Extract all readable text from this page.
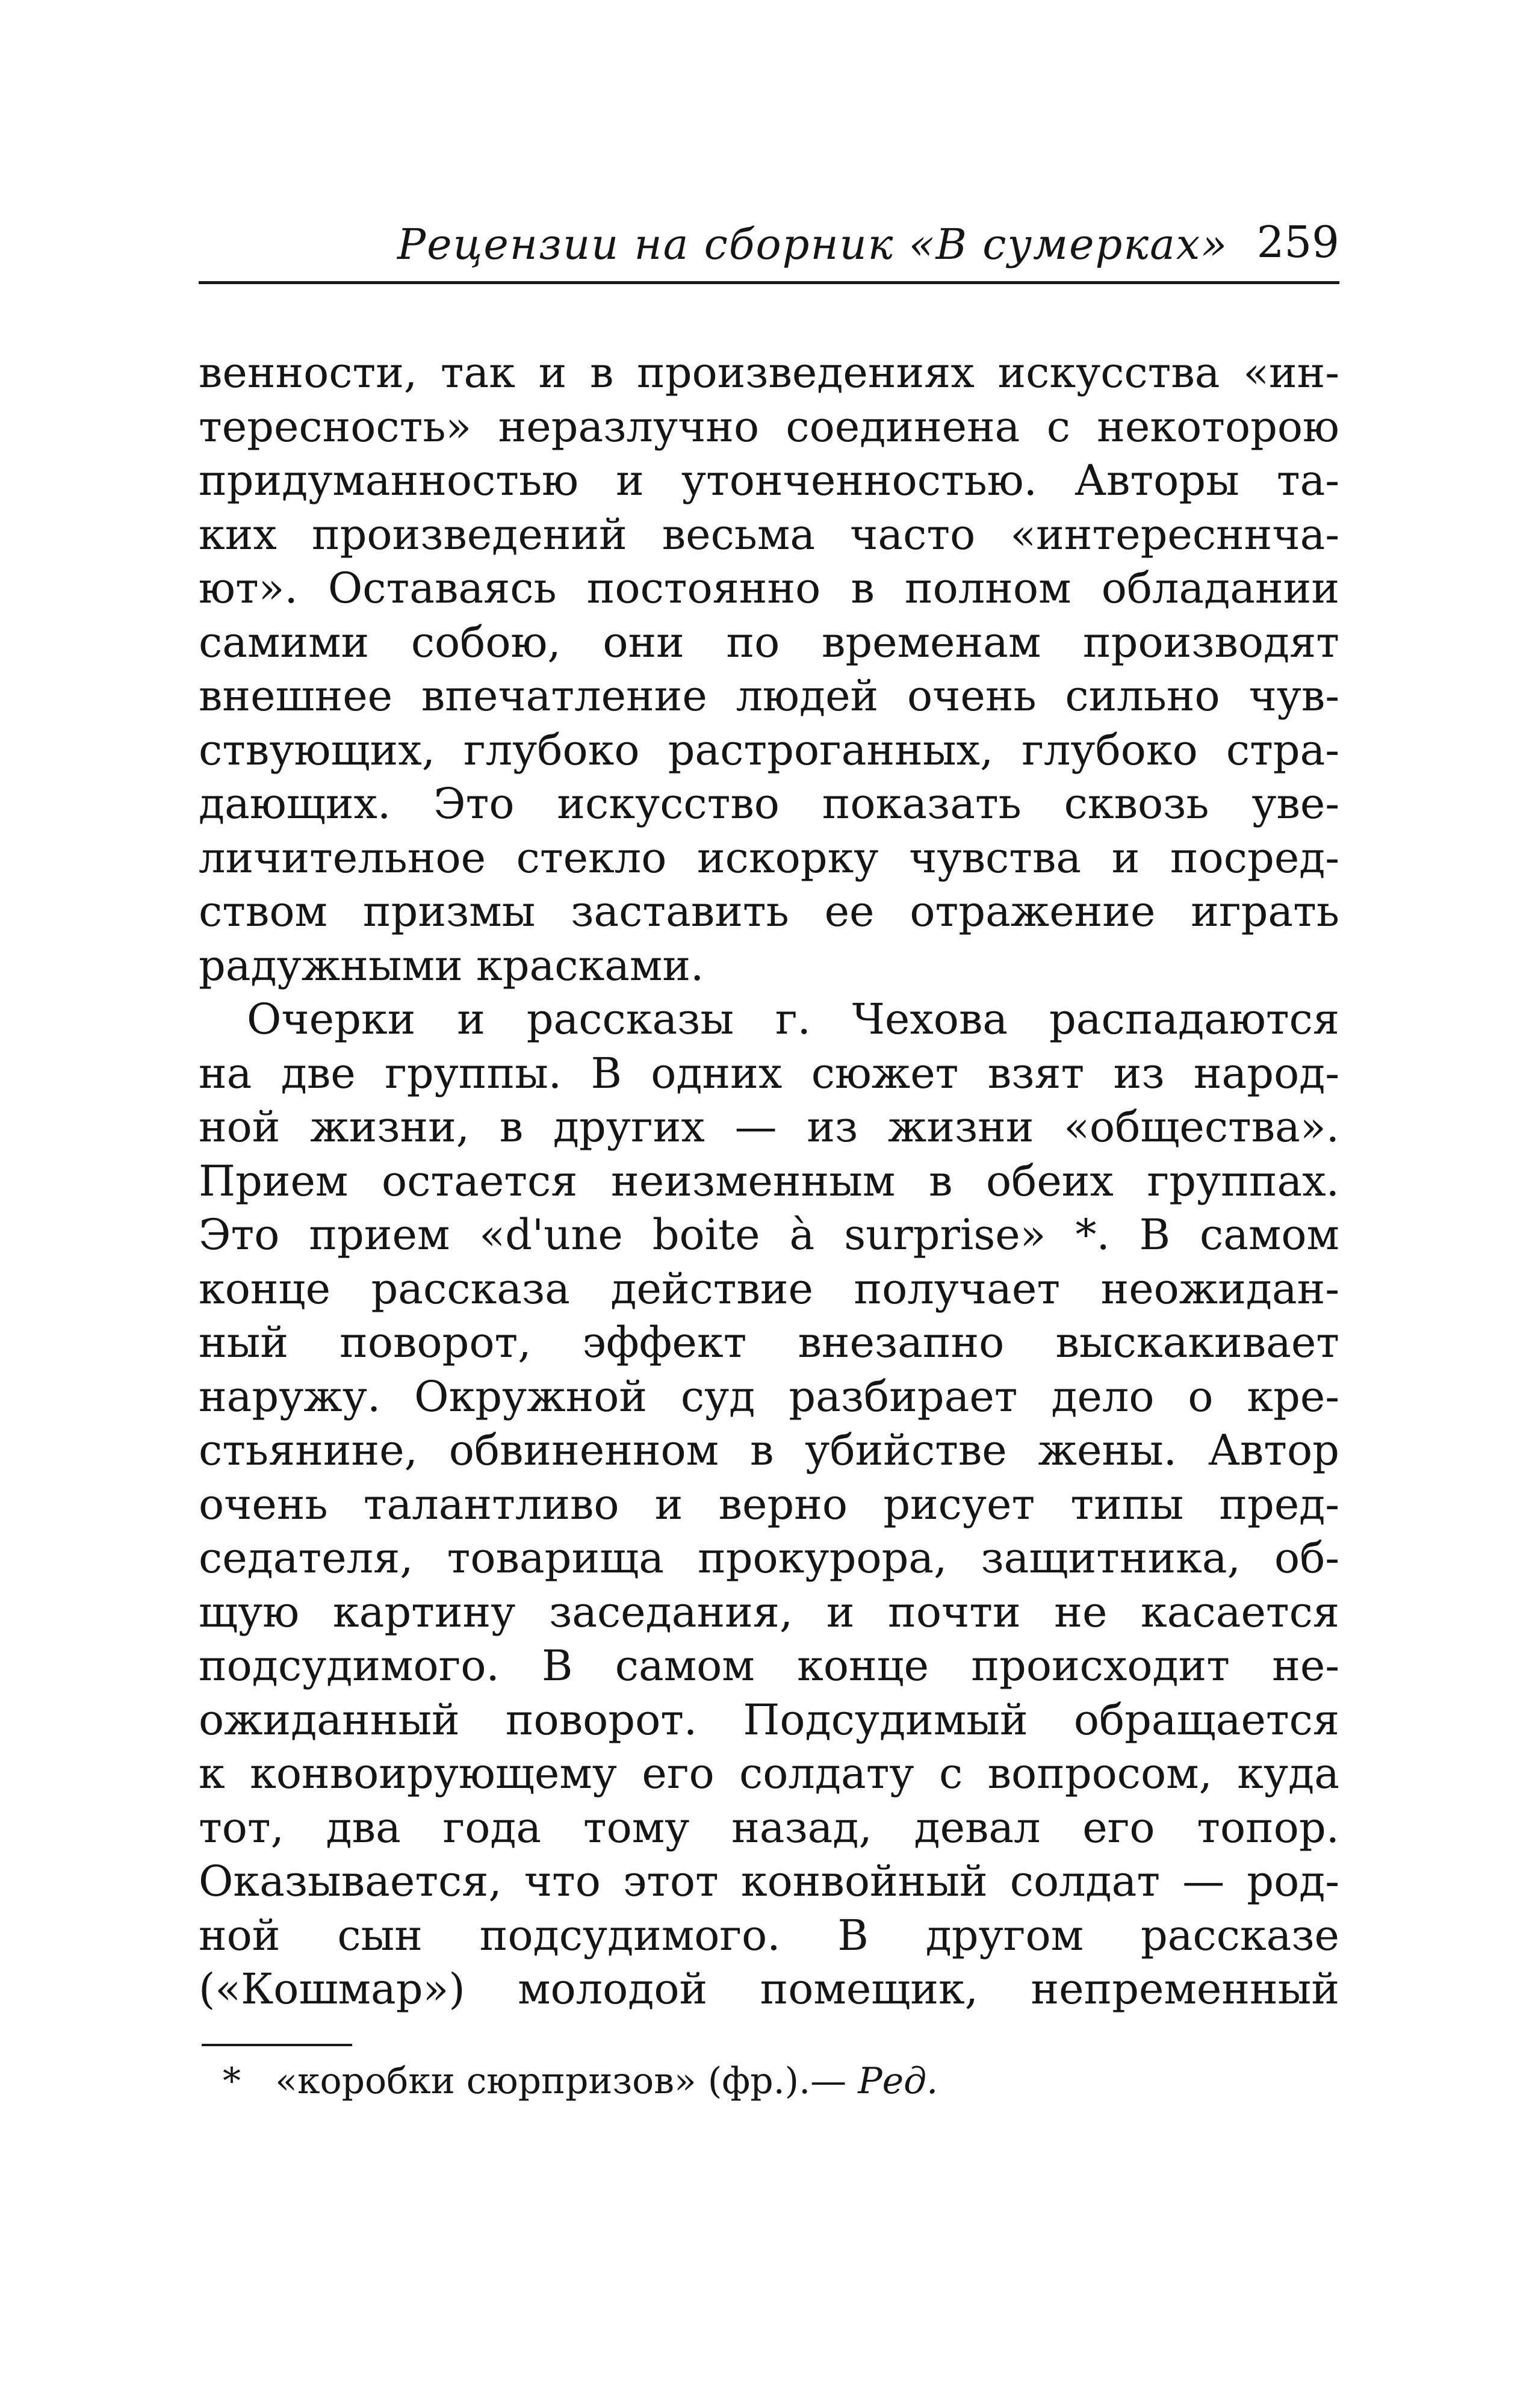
Рецензии на сборник «В сумерках» 259
венности, так и в произведениях искусства «ин-
тересность» неразлучно соединена с некоторою
придуманностью и утонченностью. Авторы та-
ких произведений весьма часто «интересннча-
ют». Оставаясь постоянно в полном обладании
самими собою, они по временам производят
внешнее впечатление людей очень сильно чув-
ствующих, глубоко растроганных, глубоко стра-
дающих. Это искусство показать сквозь уве-
личительное стекло искорку чувства и посред-
ством призмы заставить ее отражение играть
радужными красками.
Очерки и рассказы г. Чехова распадаются
на две группы. В одних сюжет взят из народ-
ной жизни, в других — из жизни «общества».
Прием остается неизменным в обеих группах.
Это прием «d'une boite à surprise» *. В самом
конце рассказа действие получает неожидан-
ный поворот, эффект внезапно выскакивает
наружу. Окружной суд разбирает дело о кре-
стьянине, обвиненном в убийстве жены. Автор
очень талантливо и верно рисует типы пред-
седателя, товарища прокурора, защитника, об-
щую картину заседания, и почти не касается
подсудимого. В самом конце происходит не-
ожиданный поворот. Подсудимый обращается
к конвоирующему его солдату с вопросом, куда
тот, два года тому назад, девал его топор.
Оказывается, что этот конвойный солдат — род-
ной сын подсудимого. В другом рассказе
(«Кошмар») молодой помещик, непременный
* «коробки сюрпризов» (фр.).— Ред.
